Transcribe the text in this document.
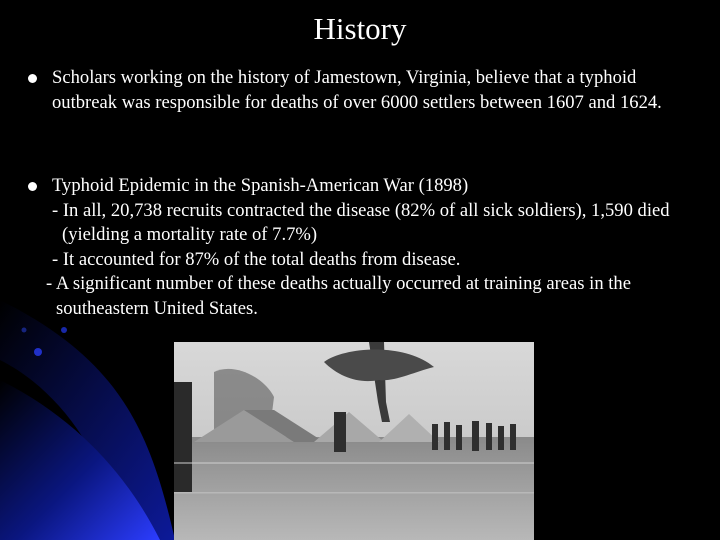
History
Scholars working on the history of Jamestown, Virginia, believe that a typhoid outbreak was responsible for deaths of over 6000 settlers between 1607 and 1624.
Typhoid Epidemic in the Spanish-American War (1898)
- In all, 20,738 recruits contracted the disease (82% of all sick soldiers), 1,590 died (yielding a mortality rate of 7.7%)
- It accounted for 87% of the total deaths from disease.
- A significant number of these deaths actually occurred at training areas in the southeastern United States.
